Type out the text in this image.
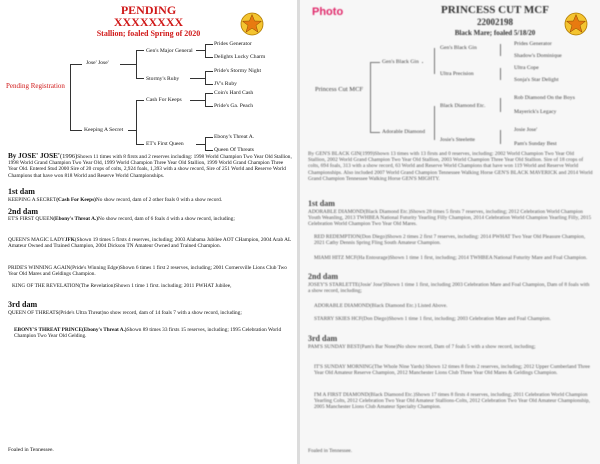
PENDING
XXXXXXXX
Stallion; foaled Spring of 2020
Pending Registration
Jose' Jose'
Keeping A Secret
Gen's Major General
Stormy's Ruby
Cash For Keeps
ET's First Queen
Prides Generator
Delights Lucky Charm
Pride's Stormy Night
JV's Ruby
Coin's Hard Cash
Pride's Ga. Peach
Ebony's Threat A.
Queen Of Threats
By JOSE' JOSE'(1996)Shown 11 times with 8 firsts and 2 reserves including: 1998 World Champion Two Year Old Stallion, 1998 World Grand Champion Two Year Old, 1999 World Champion Three Year Old Stallion, 1999 World Grand Champion Three Year Old. Entered Stud 2000 Sire of 20 crops of colts, 2,924 foals, 1,393 with a show record, Sire of 251 World and Reserve World Champions that have won 818 World and Reserve World Championships.
1st dam
KEEPING A SECRET(Cash For Keeps)No show record, dam of 2 other foals 0 with a show record.
2nd dam
ET'S FIRST QUEEN(Ebony's Threat A.)No show record, dam of 6 foals 4 with a show record, including;
QUEEN'S MAGIC LADYJFK(Shown 19 times 5 firsts 4 reserves, including; 2003 Alabama Jubilee AOT CHampion, 2004 Arab AL Amateur Owned and Trained Champion, 2004 Dickson TN Amateur Owned and Trained Champion.
PRIDE'S WINNING AGAIN(Pride's Winning Edge)Shown 6 times 1 first 2 reserves, including; 2001 Cornersville Lions Club Two Year Old Mares and Geldings Champion.
KING OF THE REVELATION(The Revelation)Shown 1 time 1 first. including; 2011 PWHAT Jubilee,
3rd dam
QUEEN OF THREATS(Pride's Ultra Threat)no show record, dam of 14 foals 7 with a show record, including;
EBONY'S THREAT PRINCE(Ebony's Threat A.)Shown 89 times 33 firsts 15 reserves, including; 1995 Celebration World Champion Two Year Old Gelding.
Foaled in Tennessee.
Photo	PRINCESS CUT MCF
22002198
Black Mare; foaled 5/18/20
Princess Cut MCF
Gen's Black Gin
Adorable Diamond
Gen's Black Gin
Ultra Precision
Black Diamond Etc.
Josie's Steelette
Prides Generator
Shadow's Dominique
Ultra Cope
Sonja's Star Delight
Rob Diamond On the Boys
Mayerick's Legacy
Josie Jose'
Pam's Sunday Best
By GEN'S BLACK GIN(1999)Shown 13 times with 13 firsts and 0 reserves, including: 2002 World Champion Two Year Old Stallion, 2002 World Grand Champion Two Year Old Stallion, 2003 World Champion Three Year Old Stallion. Sire of 18 crops of colts, 694 foals, 313 with a show record, 63 World and Reserve World Champions that have won 119 World and Reserve World Championships. Also included 2007 World Grand Champion Tennessee Walking Horse GEN'S BLACK MAVERICK and 2014 World Grand Champion Tennessee Walking Horse GEN'S MIGHTY.
1st dam
ADORABLE DIAMOND(Black Diamond Etc.)Shown 28 times 5 firsts 7 reserves, including; 2012 Celebration World Champion Youth Weanling, 2013 TWHBEA National Futurity Yearling Filly Champion, 2014 Celebration World Champion Yearling Filly, 2015 Celebration World Champion Two Year Old Mares.
RED REDEMPTION(Don Diego)Shown 2 times 2 first 7 reserves, including: 2014 PWHAT Two Year Old Pleasure Champion, 2021 Cathy Dennis Spring Fling South Amateur Champion.
MIAMI HITZ MCF(Ha Entourage)Shown 1 time 1 first, including; 2014 TWHBEA National Futurity Mare and Foal Champion.
2nd dam
JOSEY'S STARLETTE(Josie' Jose')Shown 1 time 1 first, including 2003 Celebration Mare and Foal Champion, Dam of 8 foals with a show record, including;
ADORABLE DIAMOND(Black Diamond Etc.) Listed Above.
STARRY SKIES HCF(Don Diego)Shown 1 time 1 first, including; 2003 Celebration Mare and Foal Champion.
3rd dam
PAM'S SUNDAY BEST(Pam's Bar None)No show record, Dam of 7 foals 5 with a show record, including;
IT'S SUNDAY MORNING(The Whole Nine Yards) Shown 12 times 8 firsts 2 reserves, including; 2012 Upper Cumberland Three Year Old Amateur Reserve Champion, 2012 Manchester Lions Club Three Year Old Mares & Geldings Champion.
I'M A FIRST DIAMOND(Black Diamond Etc.)Shown 17 times 8 firsts 4 reserves, including; 2011 Celebration World Champion Yearling Colts, 2012 Celebration Two Year Old Amateur Stallions-Colts, 2012 Celebration Two Year Old Amateur Championship, 2005 Manchester Lions Club Amateur Specialty Champion.
Foaled in Tennessee.
